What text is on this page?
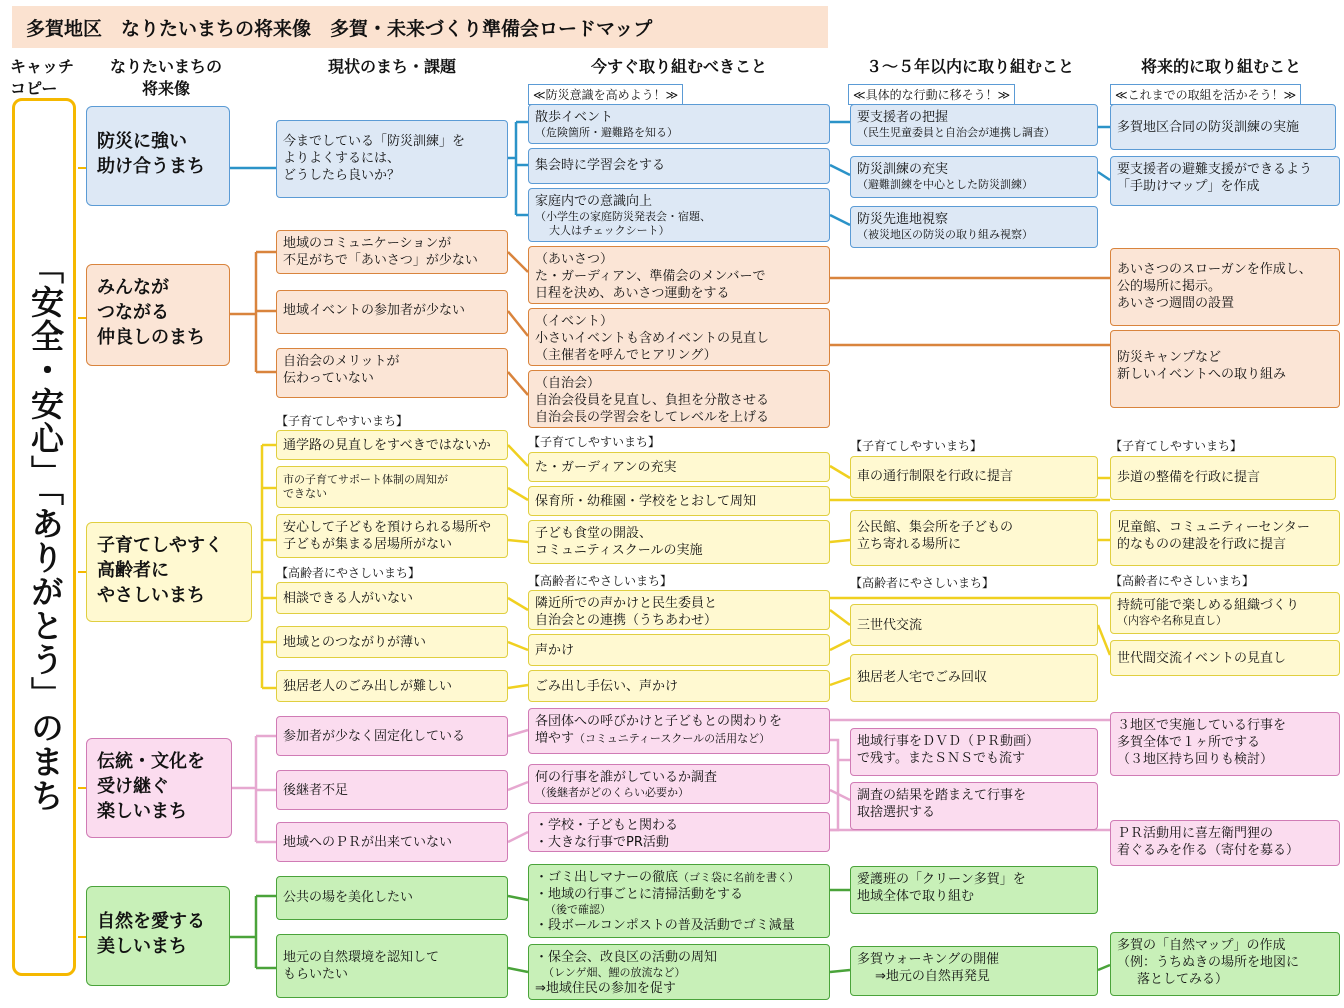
多賀地区　なりたいまちの将来像　多賀・未来づくり準備会ロードマップ
キャッチ
コピー
なりたいまちの
将来像
現状のまち・課題	今すぐ取り組むべきこと	３～５年以内に取り組むこと	将来的に取り組むこと
「安全・安心」「ありがとう」のまち
≪防災意識を高めよう！≫	≪具体的な行動に移そう！≫	≪これまでの取組を活かそう！≫
防災に強い
助け合うまち
みんなが
つながる
仲良しのまち
子育てしやすく
高齢者に
やさしいまち
伝統・文化を
受け継ぐ
楽しいまち
自然を愛する
美しいまち
今までしている「防災訓練」を
よりよくするには、
どうしたら良いか？
散歩イベント
（危険箇所・避難路を知る）
集会時に学習会をする
家庭内での意識向上
（小学生の家庭防災発表会・宿題、
大人はチェックシート）
要支援者の把握
（民生児童委員と自治会が連携し調査）
防災訓練の充実
（避難訓練を中心とした防災訓練）
防災先進地視察
（被災地区の防災の取り組み視察）
多賀地区合同の防災訓練の実施
要支援者の避難支援ができるよう
「手助けマップ」を作成
地域のコミュニケーションが
不足がちで「あいさつ」が少ない
地域イベントの参加者が少ない
自治会のメリットが
伝わっていない
（あいさつ）
た・ガーディアン、準備会のメンバーで
日程を決め、あいさつ運動をする
（イベント）
小さいイベントも含めイベントの見直し
（主催者を呼んでヒアリング）
（自治会）
自治会役員を見直し、負担を分散させる
自治会長の学習会をしてレベルを上げる
あいさつのスローガンを作成し、
公的場所に掲示。
あいさつ週間の設置
防災キャンプなど
新しいイベントへの取り組み
【子育てしやすいまち】
【子育てしやすいまち】	【子育てしやすいまち】	【子育てしやすいまち】
通学路の見直しをすべきではないか
市の子育てサポート体制の周知が
できない
安心して子どもを預けられる場所や
子どもが集まる居場所がない
た・ガーディアンの充実
保育所・幼稚園・学校をとおして周知
子ども食堂の開設、
コミュニティスクールの実施
車の通行制限を行政に提言
公民館、集会所を子どもの
立ち寄れる場所に
歩道の整備を行政に提言
児童館、コミュニティーセンター
的なものの建設を行政に提言
【高齢者にやさしいまち】
【高齢者にやさしいまち】	【高齢者にやさしいまち】	【高齢者にやさしいまち】
相談できる人がいない
地域とのつながりが薄い
独居老人のごみ出しが難しい
隣近所での声かけと民生委員と
自治会との連携（うちあわせ）
声かけ
ごみ出し手伝い、声かけ
三世代交流
独居老人宅でごみ回収
持続可能で楽しめる組織づくり
（内容や名称見直し）
世代間交流イベントの見直し
参加者が少なく固定化している
後継者不足
地域へのＰＲが出来ていない
各団体への呼びかけと子どもとの関わりを
増やす（コミュニティースクールの活用など）
何の行事を誰がしているか調査
（後継者がどのくらい必要か）
・学校・子どもと関わる
・大きな行事でPR活動
地域行事をＤＶＤ（ＰＲ動画）
で残す。またＳＮＳでも流す
調査の結果を踏まえて行事を
取捨選択する
３地区で実施している行事を
多賀全体で１ヶ所でする
（３地区持ち回りも検討）
ＰＲ活動用に喜左衛門狸の
着ぐるみを作る（寄付を募る）
公共の場を美化したい
地元の自然環境を認知して
もらいたい
・ゴミ出しマナーの徹底（ゴミ袋に名前を書く）
・地域の行事ごとに清掃活動をする
（後で確認）
・段ボールコンポストの普及活動でゴミ減量
・保全会、改良区の活動の周知
（レンゲ畑、鯉の放流など）
⇒地域住民の参加を促す
愛護班の「クリーン多賀」を
地域全体で取り組む
多賀ウォーキングの開催
⇒地元の自然再発見
多賀の「自然マップ」の作成
（例：うちぬきの場所を地図に
落としてみる）
